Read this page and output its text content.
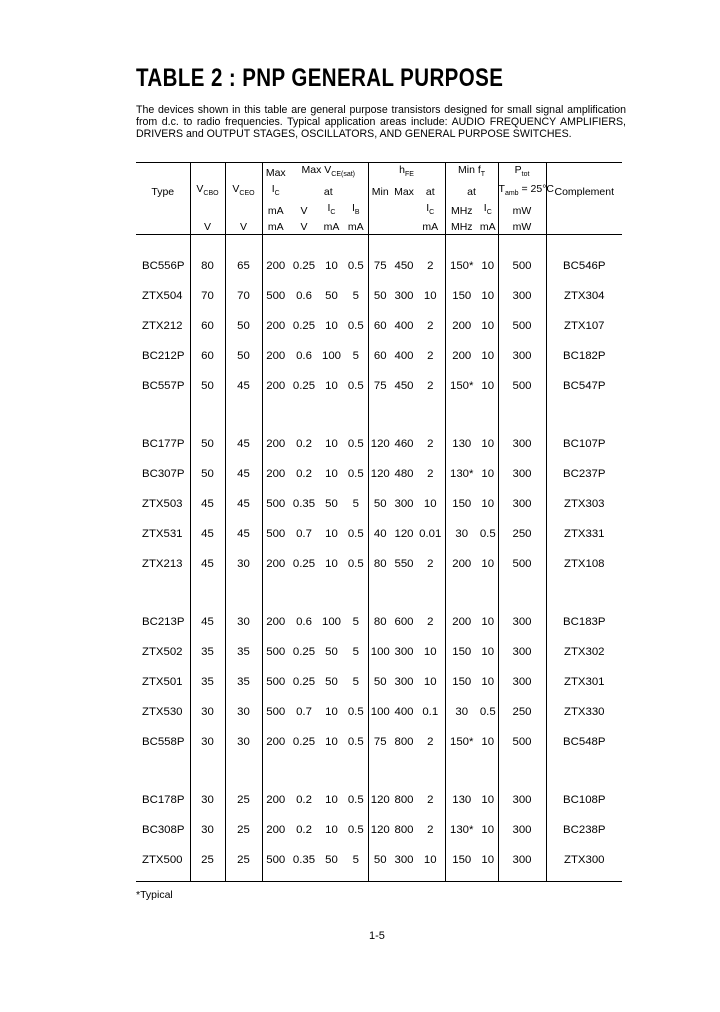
TABLE 2 : PNP GENERAL PURPOSE
The devices shown in this table are general purpose transistors designed for small signal amplification from d.c. to radio frequencies. Typical application areas include: AUDIO FREQUENCY AMPLIFIERS, DRIVERS and OUTPUT STAGES, OSCILLATORS, AND GENERAL PURPOSE SWITCHES.
Type	$V_{CBO}$	$V_{CEO}$	Max	Max $V_{CE(sat)}$			$h_{FE}$			Min $f_T$		$P_{tot}$	Complement
			$I_C$	at			Min	Max	at	at		$T_{amb} = 25^\circ C$	
			mA	V	$I_C$	$I_B$			$I_C$	MHz	$I_C$	mW	
	V	V	mA	V	mA	mA			mA	MHz	mA	mW	
BC556P	80	65	200	0.25	10	0.5	75	450	2	150*	10	500	BC546P
ZTX504	70	70	500	0.6	50	5	50	300	10	150	10	300	ZTX304
ZTX212	60	50	200	0.25	10	0.5	60	400	2	200	10	500	ZTX107
BC212P	60	50	200	0.6	100	5	60	400	2	200	10	300	BC182P
BC557P	50	45	200	0.25	10	0.5	75	450	2	150*	10	500	BC547P
BC177P	50	45	200	0.2	10	0.5	120	460	2	130	10	300	BC107P
BC307P	50	45	200	0.2	10	0.5	120	480	2	130*	10	300	BC237P
ZTX503	45	45	500	0.35	50	5	50	300	10	150	10	300	ZTX303
ZTX531	45	45	500	0.7	10	0.5	40	120	0.01	30	0.5	250	ZTX331
ZTX213	45	30	200	0.25	10	0.5	80	550	2	200	10	500	ZTX108
BC213P	45	30	200	0.6	100	5	80	600	2	200	10	300	BC183P
ZTX502	35	35	500	0.25	50	5	100	300	10	150	10	300	ZTX302
ZTX501	35	35	500	0.25	50	5	50	300	10	150	10	300	ZTX301
ZTX530	30	30	500	0.7	10	0.5	100	400	0.1	30	0.5	250	ZTX330
BC558P	30	30	200	0.25	10	0.5	75	800	2	150*	10	500	BC548P
BC178P	30	25	200	0.2	10	0.5	120	800	2	130	10	300	BC108P
BC308P	30	25	200	0.2	10	0.5	120	800	2	130*	10	300	BC238P
ZTX500	25	25	500	0.35	50	5	50	300	10	150	10	300	ZTX300
*Typical
1-5
